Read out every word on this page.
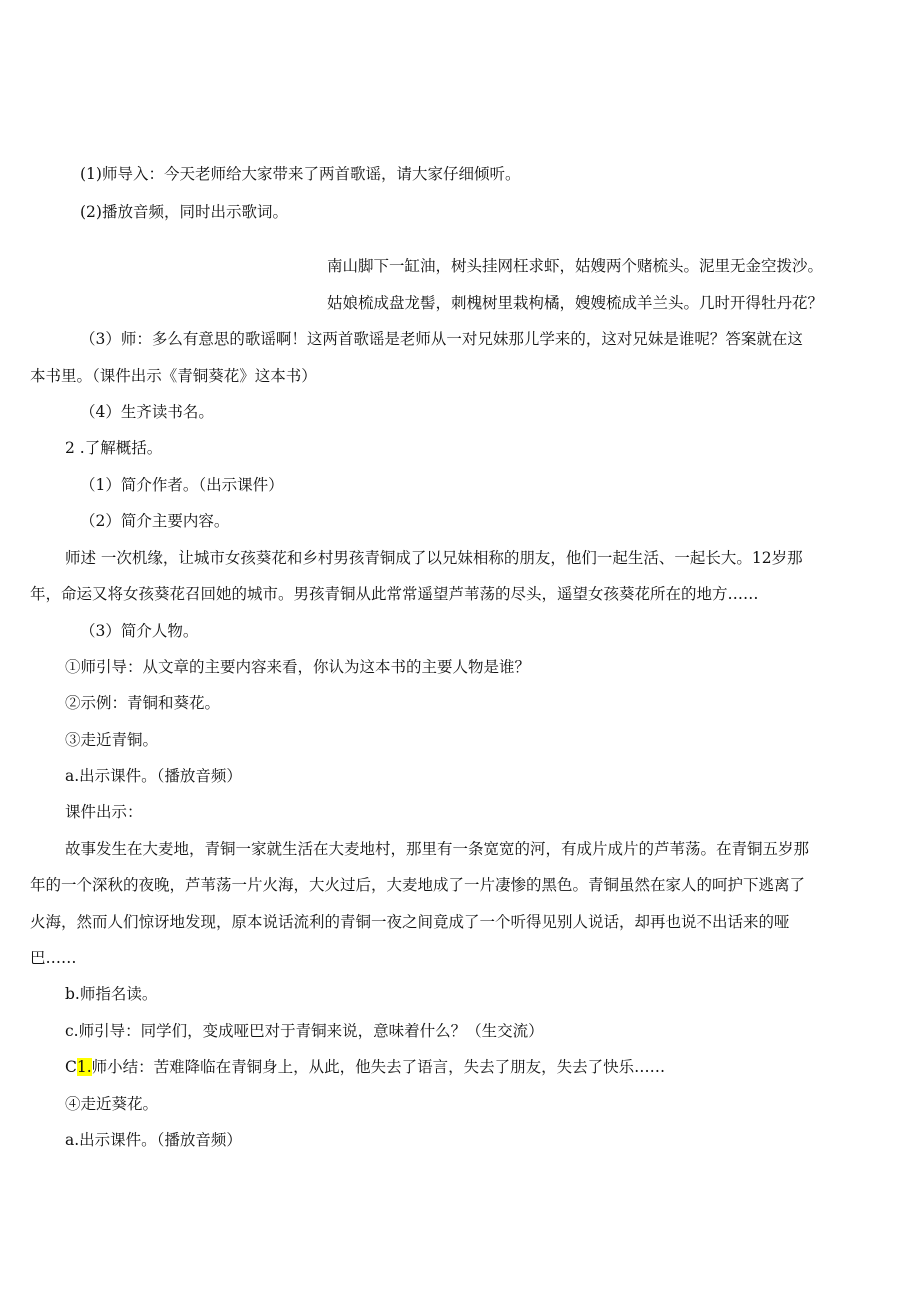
(1)师导入：今天老师给大家带来了两首歌谣，请大家仔细倾听。
(2)播放音频，同时出示歌词。
南山脚下一缸油，树头挂网枉求虾，姑嫂两个赌梳头。泥里无金空拨沙。
姑娘梳成盘龙髻，刺槐树里栽枸橘，嫂嫂梳成羊兰头。几时开得牡丹花？
（3）师：多么有意思的歌谣啊！这两首歌谣是老师从一对兄妹那儿学来的，这对兄妹是谁呢？答案就在这
本书里。（课件出示《青铜葵花》这本书）
（4）生齐读书名。
2 .了解概括。
（1）简介作者。（出示课件）
（2）简介主要内容。
师述 一次机缘，让城市女孩葵花和乡村男孩青铜成了以兄妹相称的朋友，他们一起生活、一起长大。12岁那
年，命运又将女孩葵花召回她的城市。男孩青铜从此常常遥望芦苇荡的尽头，遥望女孩葵花所在的地方……
（3）简介人物。
①师引导：从文章的主要内容来看，你认为这本书的主要人物是谁？
②示例：青铜和葵花。
③走近青铜。
a.出示课件。（播放音频）
课件出示：
故事发生在大麦地，青铜一家就生活在大麦地村，那里有一条宽宽的河，有成片成片的芦苇荡。在青铜五岁那
年的一个深秋的夜晚，芦苇荡一片火海，大火过后，大麦地成了一片凄惨的黑色。青铜虽然在家人的呵护下逃离了
火海，然而人们惊讶地发现，原本说话流利的青铜一夜之间竟成了一个听得见别人说话，却再也说不出话来的哑
巴……
b.师指名读。
c.师引导：同学们，变成哑巴对于青铜来说，意味着什么？（生交流）
C1.师小结：苦难降临在青铜身上，从此，他失去了语言，失去了朋友，失去了快乐……
④走近葵花。
a.出示课件。（播放音频）
